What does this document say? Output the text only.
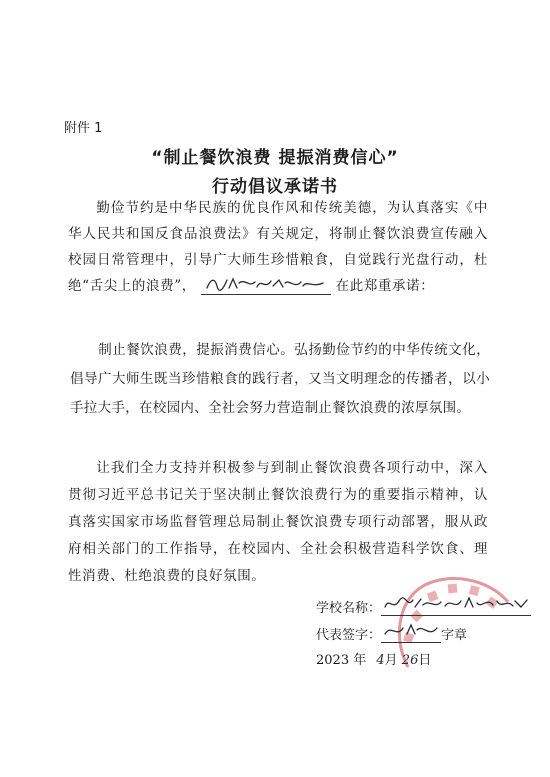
附件 1
“制止餐饮浪费 提振消费信心”
行动倡议承诺书
勤俭节约是中华民族的优良作风和传统美德，为认真落实《中华人民共和国反食品浪费法》有关规定，将制止餐饮浪费宣传融入校园日常管理中，引导广大师生珍惜粮食，自觉践行光盘行动，杜绝“舌尖上的浪费”，	在此郑重承诺：
制止餐饮浪费，提振消费信心。弘扬勤俭节约的中华传统文化，倡导广大师生既当珍惜粮食的践行者，又当文明理念的传播者，以小手拉大手，在校园内、全社会努力营造制止餐饮浪费的浓厚氛围。
让我们全力支持并积极参与到制止餐饮浪费各项行动中，深入贯彻习近平总书记关于坚决制止餐饮浪费行为的重要指示精神，认真落实国家市场监督管理总局制止餐饮浪费专项行动部署，服从政府相关部门的工作指导，在校园内、全社会积极营造科学饮食、理性消费、杜绝浪费的良好氛围。
学校名称：
代表签字：	字章
2023 年 4月 26日
